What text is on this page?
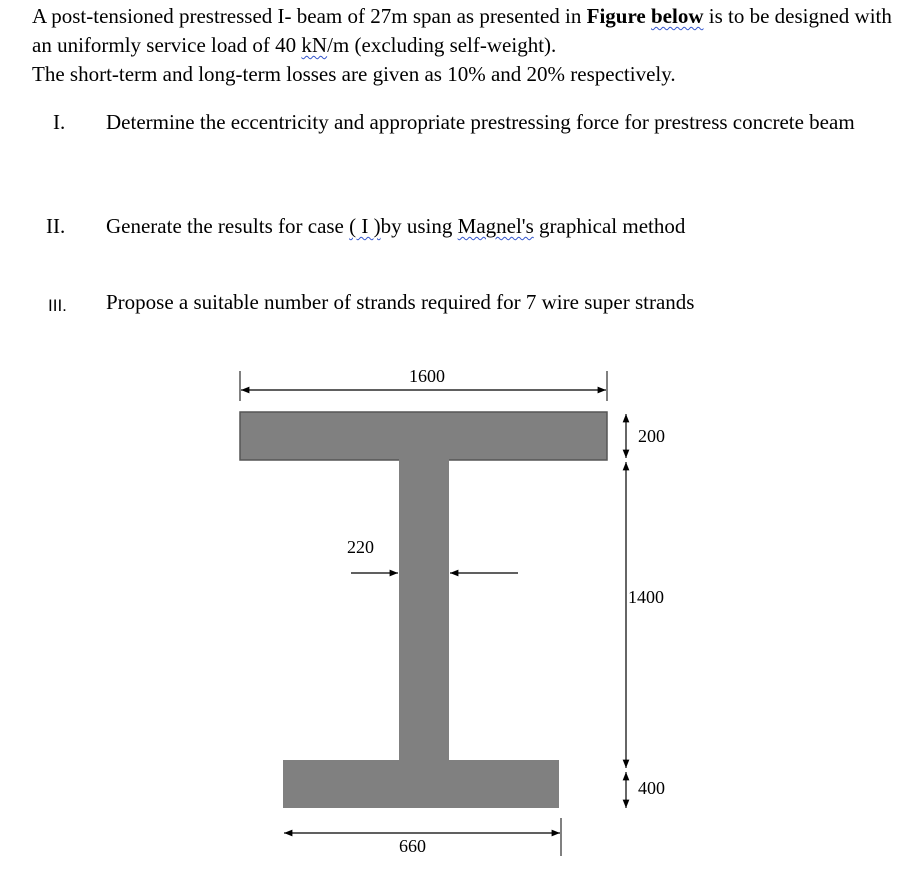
A post-tensioned prestressed I- beam of 27m span as presented in Figure below is to be designed with an uniformly service load of 40 kN/m (excluding self-weight).
The short-term and long-term losses are given as 10% and 20% respectively.

I. Determine the eccentricity and appropriate prestressing force for prestress concrete beam

II. Generate the results for case ( I )by using Magnel's graphical method

III. Propose a suitable number of strands required for 7 wire super strands

1600
220
200
1400
400
660
